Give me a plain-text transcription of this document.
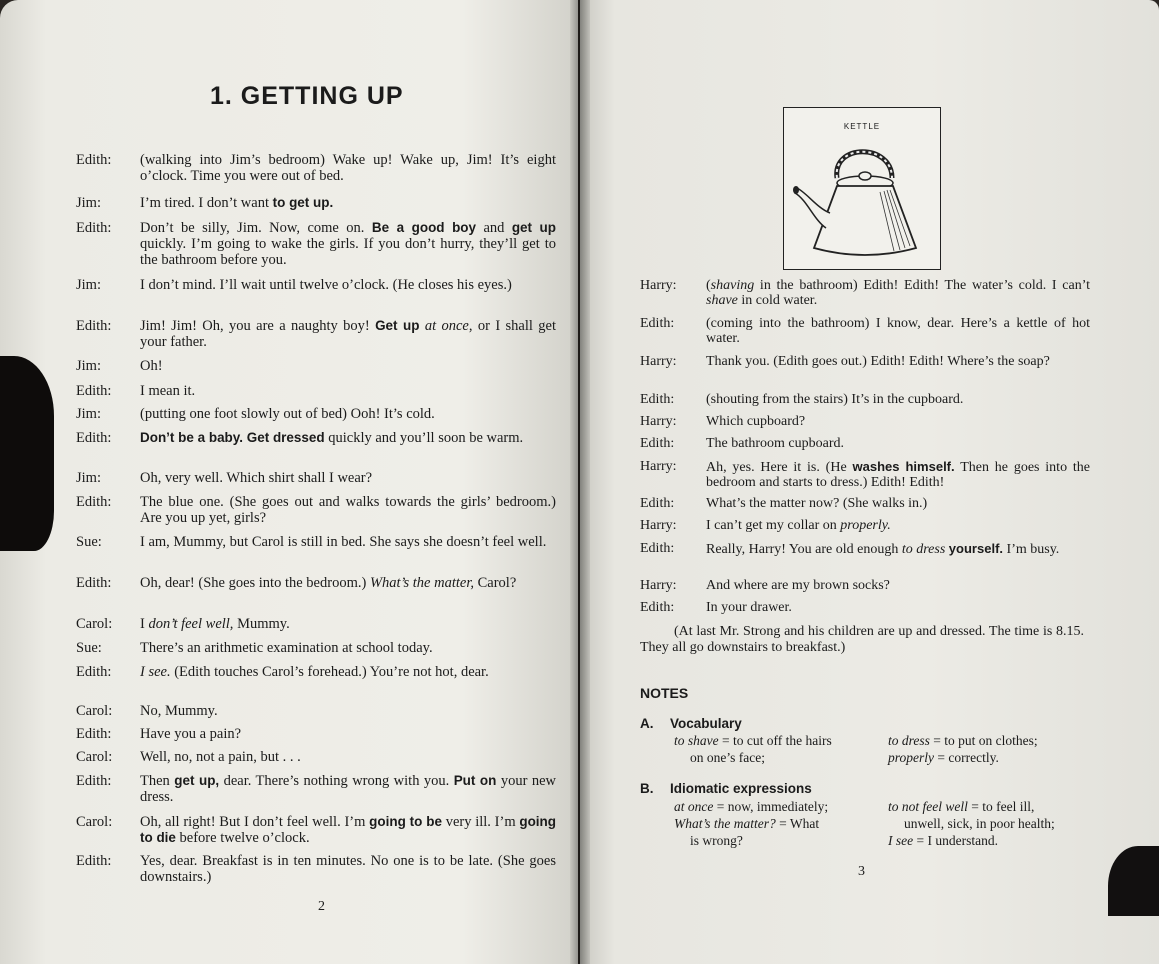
1. GETTING UP
Edith:	(walking into Jim’s bedroom) Wake up! Wake up, Jim! It’s eight o’clock. Time you were out of bed.
Jim:	I’m tired. I don’t want to get up.
Edith:	Don’t be silly, Jim. Now, come on. Be a good boy and get up quickly. I’m going to wake the girls. If you don’t hurry, they’ll get to the bathroom before you.
Jim:	I don’t mind. I’ll wait until twelve o’clock. (He closes his eyes.)
Edith:	Jim! Jim! Oh, you are a naughty boy! Get up at once, or I shall get your father.
Jim:	Oh!
Edith:	I mean it.
Jim:	(putting one foot slowly out of bed) Ooh! It’s cold.
Edith:	Don’t be a baby. Get dressed quickly and you’ll soon be warm.
Jim:	Oh, very well. Which shirt shall I wear?
Edith:	The blue one. (She goes out and walks towards the girls’ bedroom.) Are you up yet, girls?
Sue:	I am, Mummy, but Carol is still in bed. She says she doesn’t feel well.
Edith:	Oh, dear! (She goes into the bedroom.) What’s the matter, Carol?
Carol:	I don’t feel well, Mummy.
Sue:	There’s an arithmetic examination at school today.
Edith:	I see. (Edith touches Carol’s forehead.) You’re not hot, dear.
Carol:	No, Mummy.
Edith:	Have you a pain?
Carol:	Well, no, not a pain, but . . .
Edith:	Then get up, dear. There’s nothing wrong with you. Put on your new dress.
Carol:	Oh, all right! But I don’t feel well. I’m going to be very ill. I’m going to die before twelve o’clock.
Edith:	Yes, dear. Breakfast is in ten minutes. No one is to be late. (She goes downstairs.)
2
KETTLE
Harry:	(shaving in the bathroom) Edith! Edith! The water’s cold. I can’t shave in cold water.
Edith:	(coming into the bathroom) I know, dear. Here’s a kettle of hot water.
Harry:	Thank you. (Edith goes out.) Edith! Edith! Where’s the soap?
Edith:	(shouting from the stairs) It’s in the cupboard.
Harry:	Which cupboard?
Edith:	The bathroom cupboard.
Harry:	Ah, yes. Here it is. (He washes himself. Then he goes into the bedroom and starts to dress.) Edith! Edith!
Edith:	What’s the matter now? (She walks in.)
Harry:	I can’t get my collar on properly.
Edith:	Really, Harry! You are old enough to dress yourself. I’m busy.
Harry:	And where are my brown socks?
Edith:	In your drawer.

(At last Mr. Strong and his children are up and dressed. The time is 8.15. They all go downstairs to breakfast.)

NOTES
A. Vocabulary
to shave = to cut off the hairs
on one’s face;
to dress = to put on clothes;
properly = correctly.
B. Idiomatic expressions
at once = now, immediately;
What’s the matter? = What
is wrong?
to not feel well = to feel ill,
unwell, sick, in poor health;
I see = I understand.
3
